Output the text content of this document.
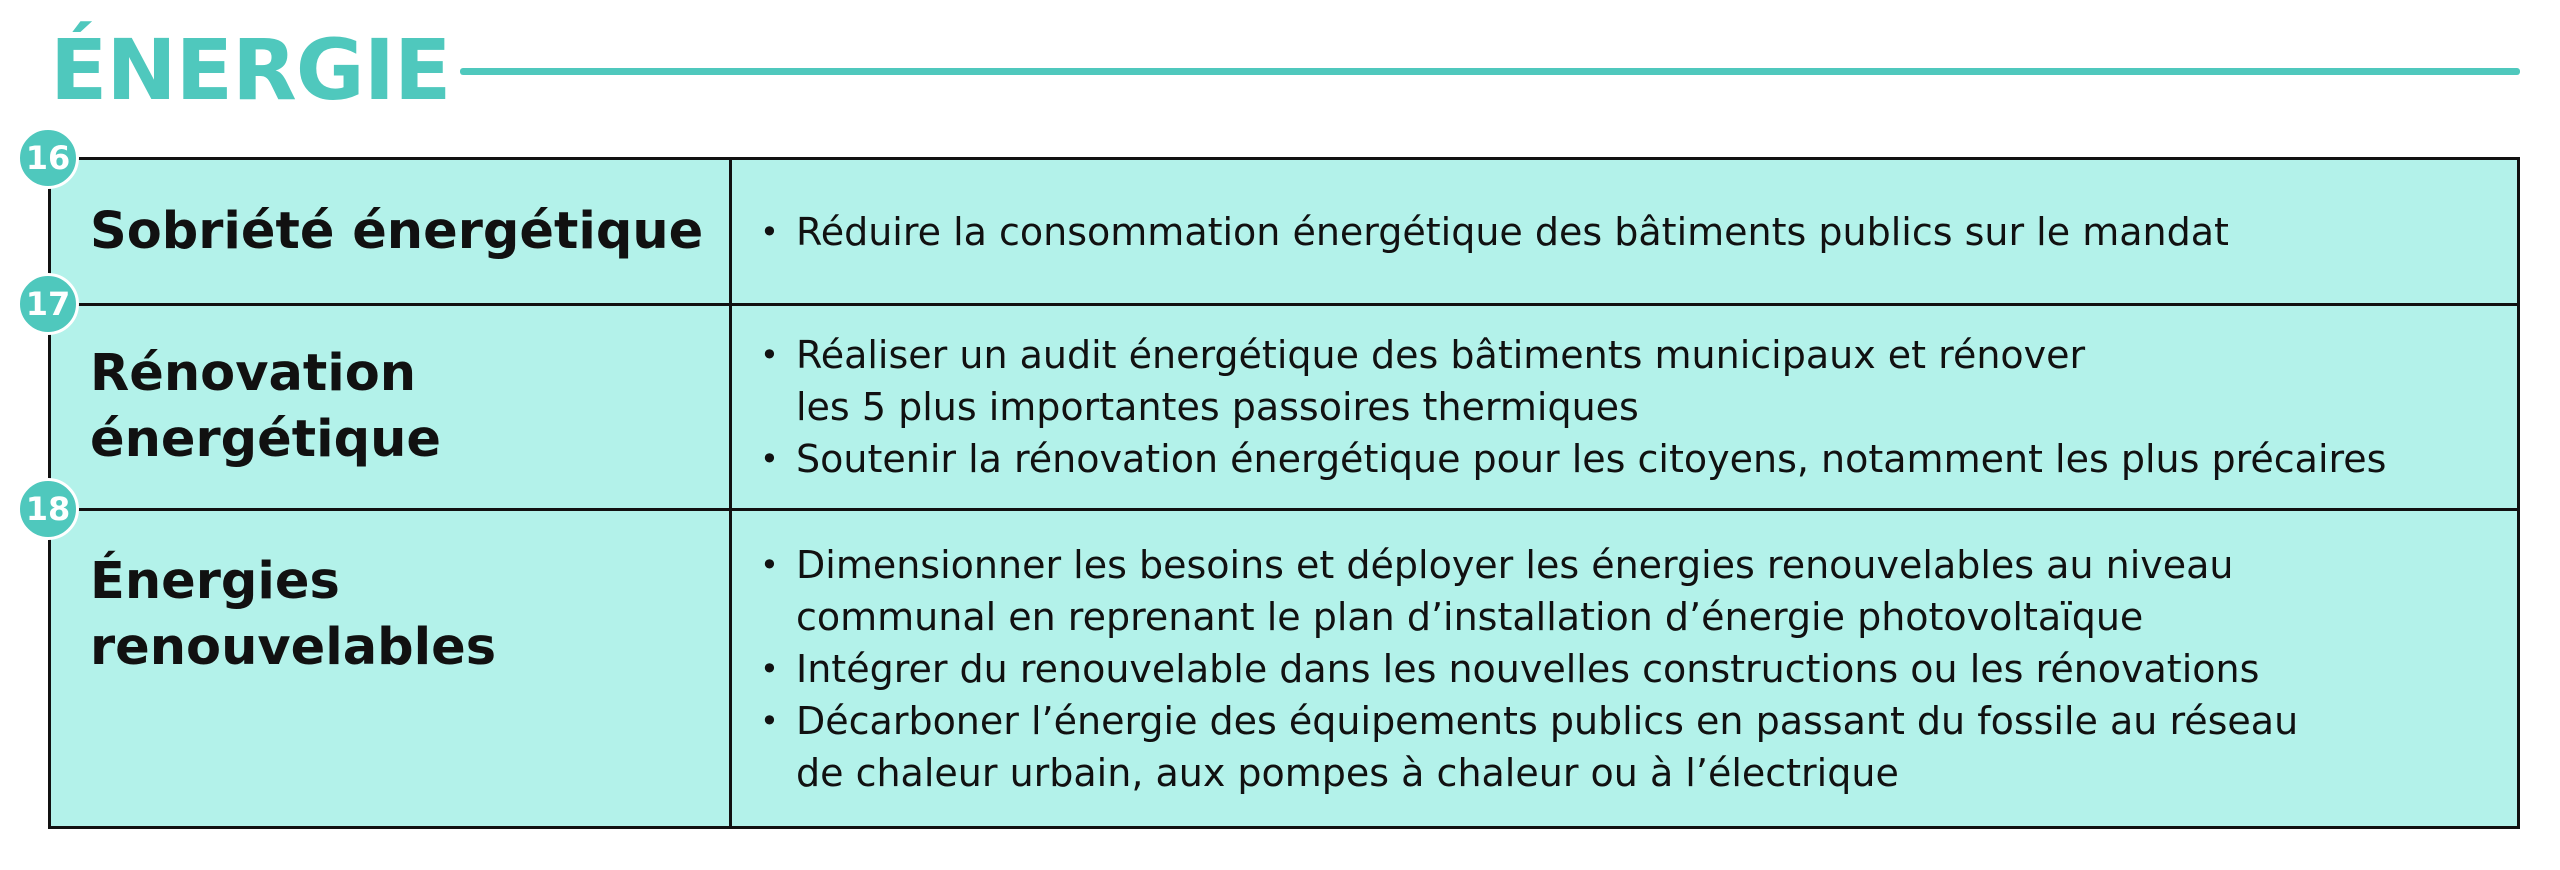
ÉNERGIE
16
Sobriété énergétique
•	Réduire la consommation énergétique des bâtiments publics sur le mandat
17
Rénovation énergétique
• Réaliser un audit énergétique des bâtiments municipaux et rénover
les 5 plus importantes passoires thermiques
• Soutenir la rénovation énergétique pour les citoyens, notamment les plus précaires
18
Énergies renouvelables
• Dimensionner les besoins et déployer les énergies renouvelables au niveau
communal en reprenant le plan d’installation d’énergie photovoltaïque
• Intégrer du renouvelable dans les nouvelles constructions ou les rénovations
• Décarboner l’énergie des équipements publics en passant du fossile au réseau
de chaleur urbain, aux pompes à chaleur ou à l’électrique
